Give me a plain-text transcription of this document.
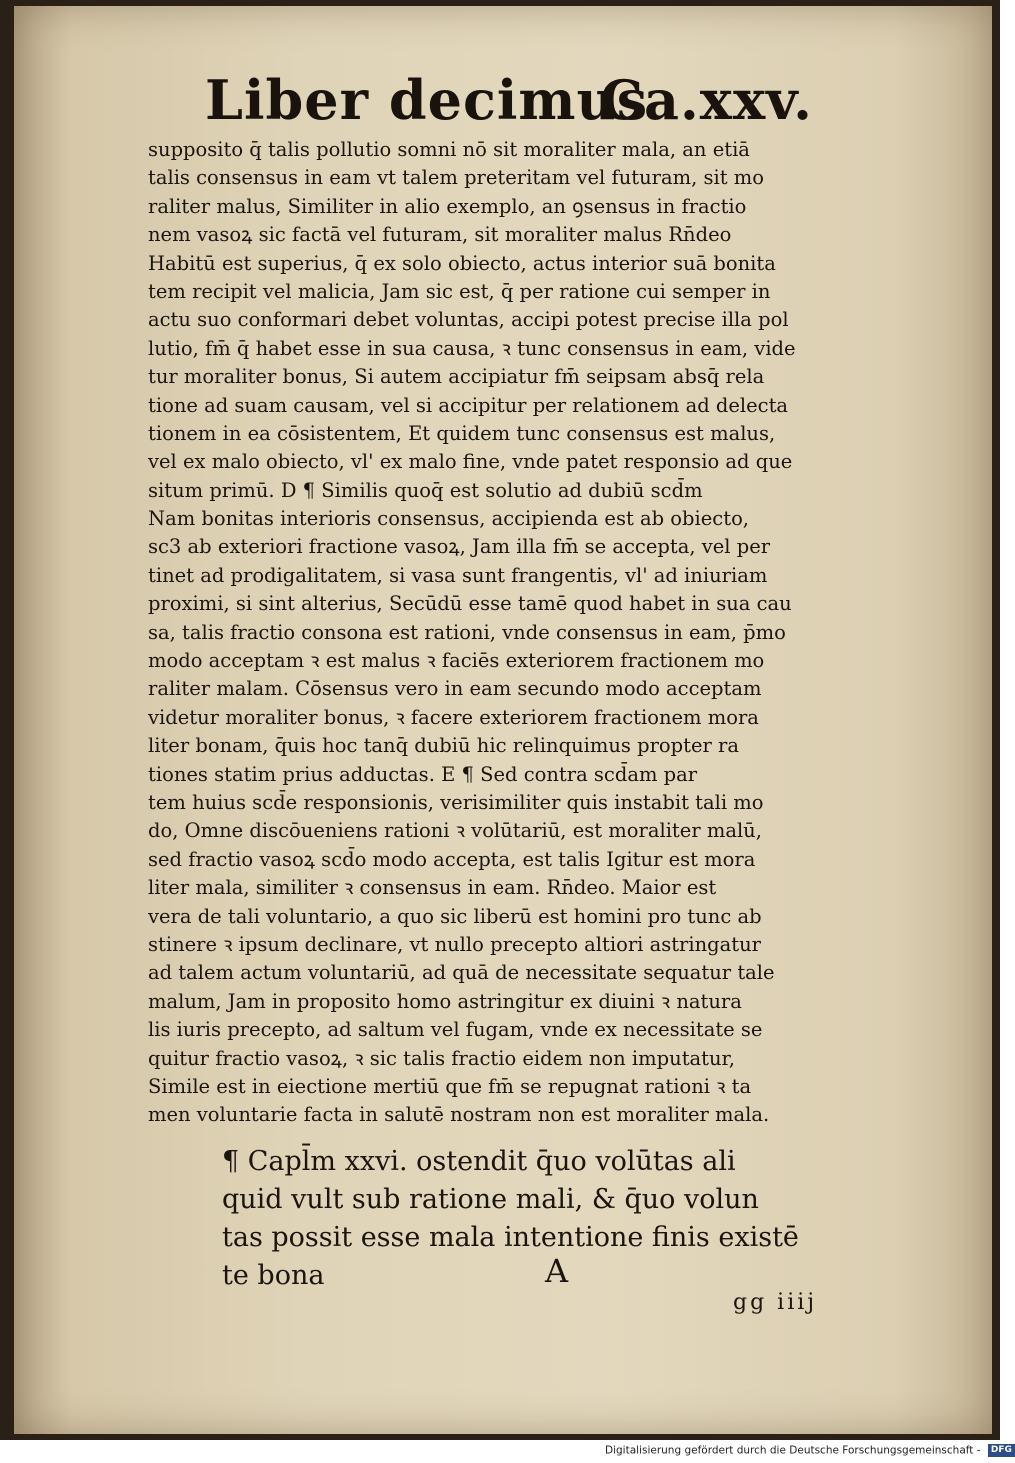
Liber decimus
Ca.xxv.
supposito q̄ talis pollutio somni nō sit moraliter mala, an etiā
talis consensus in eam vt talem preteritam vel futuram, sit mo
raliter malus, Similiter in alio exemplo, an ꝯsensus in fractio
nem vasoꝝ sic factā vel futuram, sit moraliter malus Rn̄deo
Habitū est superius, q̄ ex solo obiecto, actus interior suā bonita
tem recipit vel malicia, Jam sic est, q̄ per ratione cui semper in
actu suo conformari debet voluntas, accipi potest precise illa pol
lutio, fm̄ q̄ habet esse in sua causa, ꝛ tunc consensus in eam, vide
tur moraliter bonus, Si autem accipiatur fm̄ seipsam absq̄ rela
tione ad suam causam, vel si accipitur per relationem ad delecta
tionem in ea cōsistentem, Et quidem tunc consensus est malus,
vel ex malo obiecto, vl' ex malo fine, vnde patet responsio ad que
situm primū. D ¶ Similis quoq̄ est solutio ad dubiū scd̄m
Nam bonitas interioris consensus, accipienda est ab obiecto,
sc3 ab exteriori fractione vasoꝝ, Jam illa fm̄ se accepta, vel per
tinet ad prodigalitatem, si vasa sunt frangentis, vl' ad iniuriam
proximi, si sint alterius, Secūdū esse tamē quod habet in sua cau
sa, talis fractio consona est rationi, vnde consensus in eam, p̄mo
modo acceptam ꝛ est malus ꝛ faciēs exteriorem fractionem mo
raliter malam. Cōsensus vero in eam secundo modo acceptam
videtur moraliter bonus, ꝛ facere exteriorem fractionem mora
liter bonam, q̄uis hoc tanq̄ dubiū hic relinquimus propter ra
tiones statim prius adductas. E ¶ Sed contra scd̄am par
tem huius scd̄e responsionis, verisimiliter quis instabit tali mo
do, Omne discōueniens rationi ꝛ volūtariū, est moraliter malū,
sed fractio vasoꝝ scd̄o modo accepta, est talis Igitur est mora
liter mala, similiter ꝛ consensus in eam. Rn̄deo. Maior est
vera de tali voluntario, a quo sic liberū est homini pro tunc ab
stinere ꝛ ipsum declinare, vt nullo precepto altiori astringatur
ad talem actum voluntariū, ad quā de necessitate sequatur tale
malum, Jam in proposito homo astringitur ex diuini ꝛ natura
lis iuris precepto, ad saltum vel fugam, vnde ex necessitate se
quitur fractio vasoꝝ, ꝛ sic talis fractio eidem non imputatur,
Simile est in eiectione mertiū que fm̄ se repugnat rationi ꝛ ta
men voluntarie facta in salutē nostram non est moraliter mala.
¶ Capl̄m xxvi. ostendit q̄uo volūtas ali
quid vult sub ratione mali, & q̄uo volun
tas possit esse mala intentione finis existē
te bona	A
gg iiij
Digitalisierung gefördert durch die Deutsche Forschungsgemeinschaft - DFG
